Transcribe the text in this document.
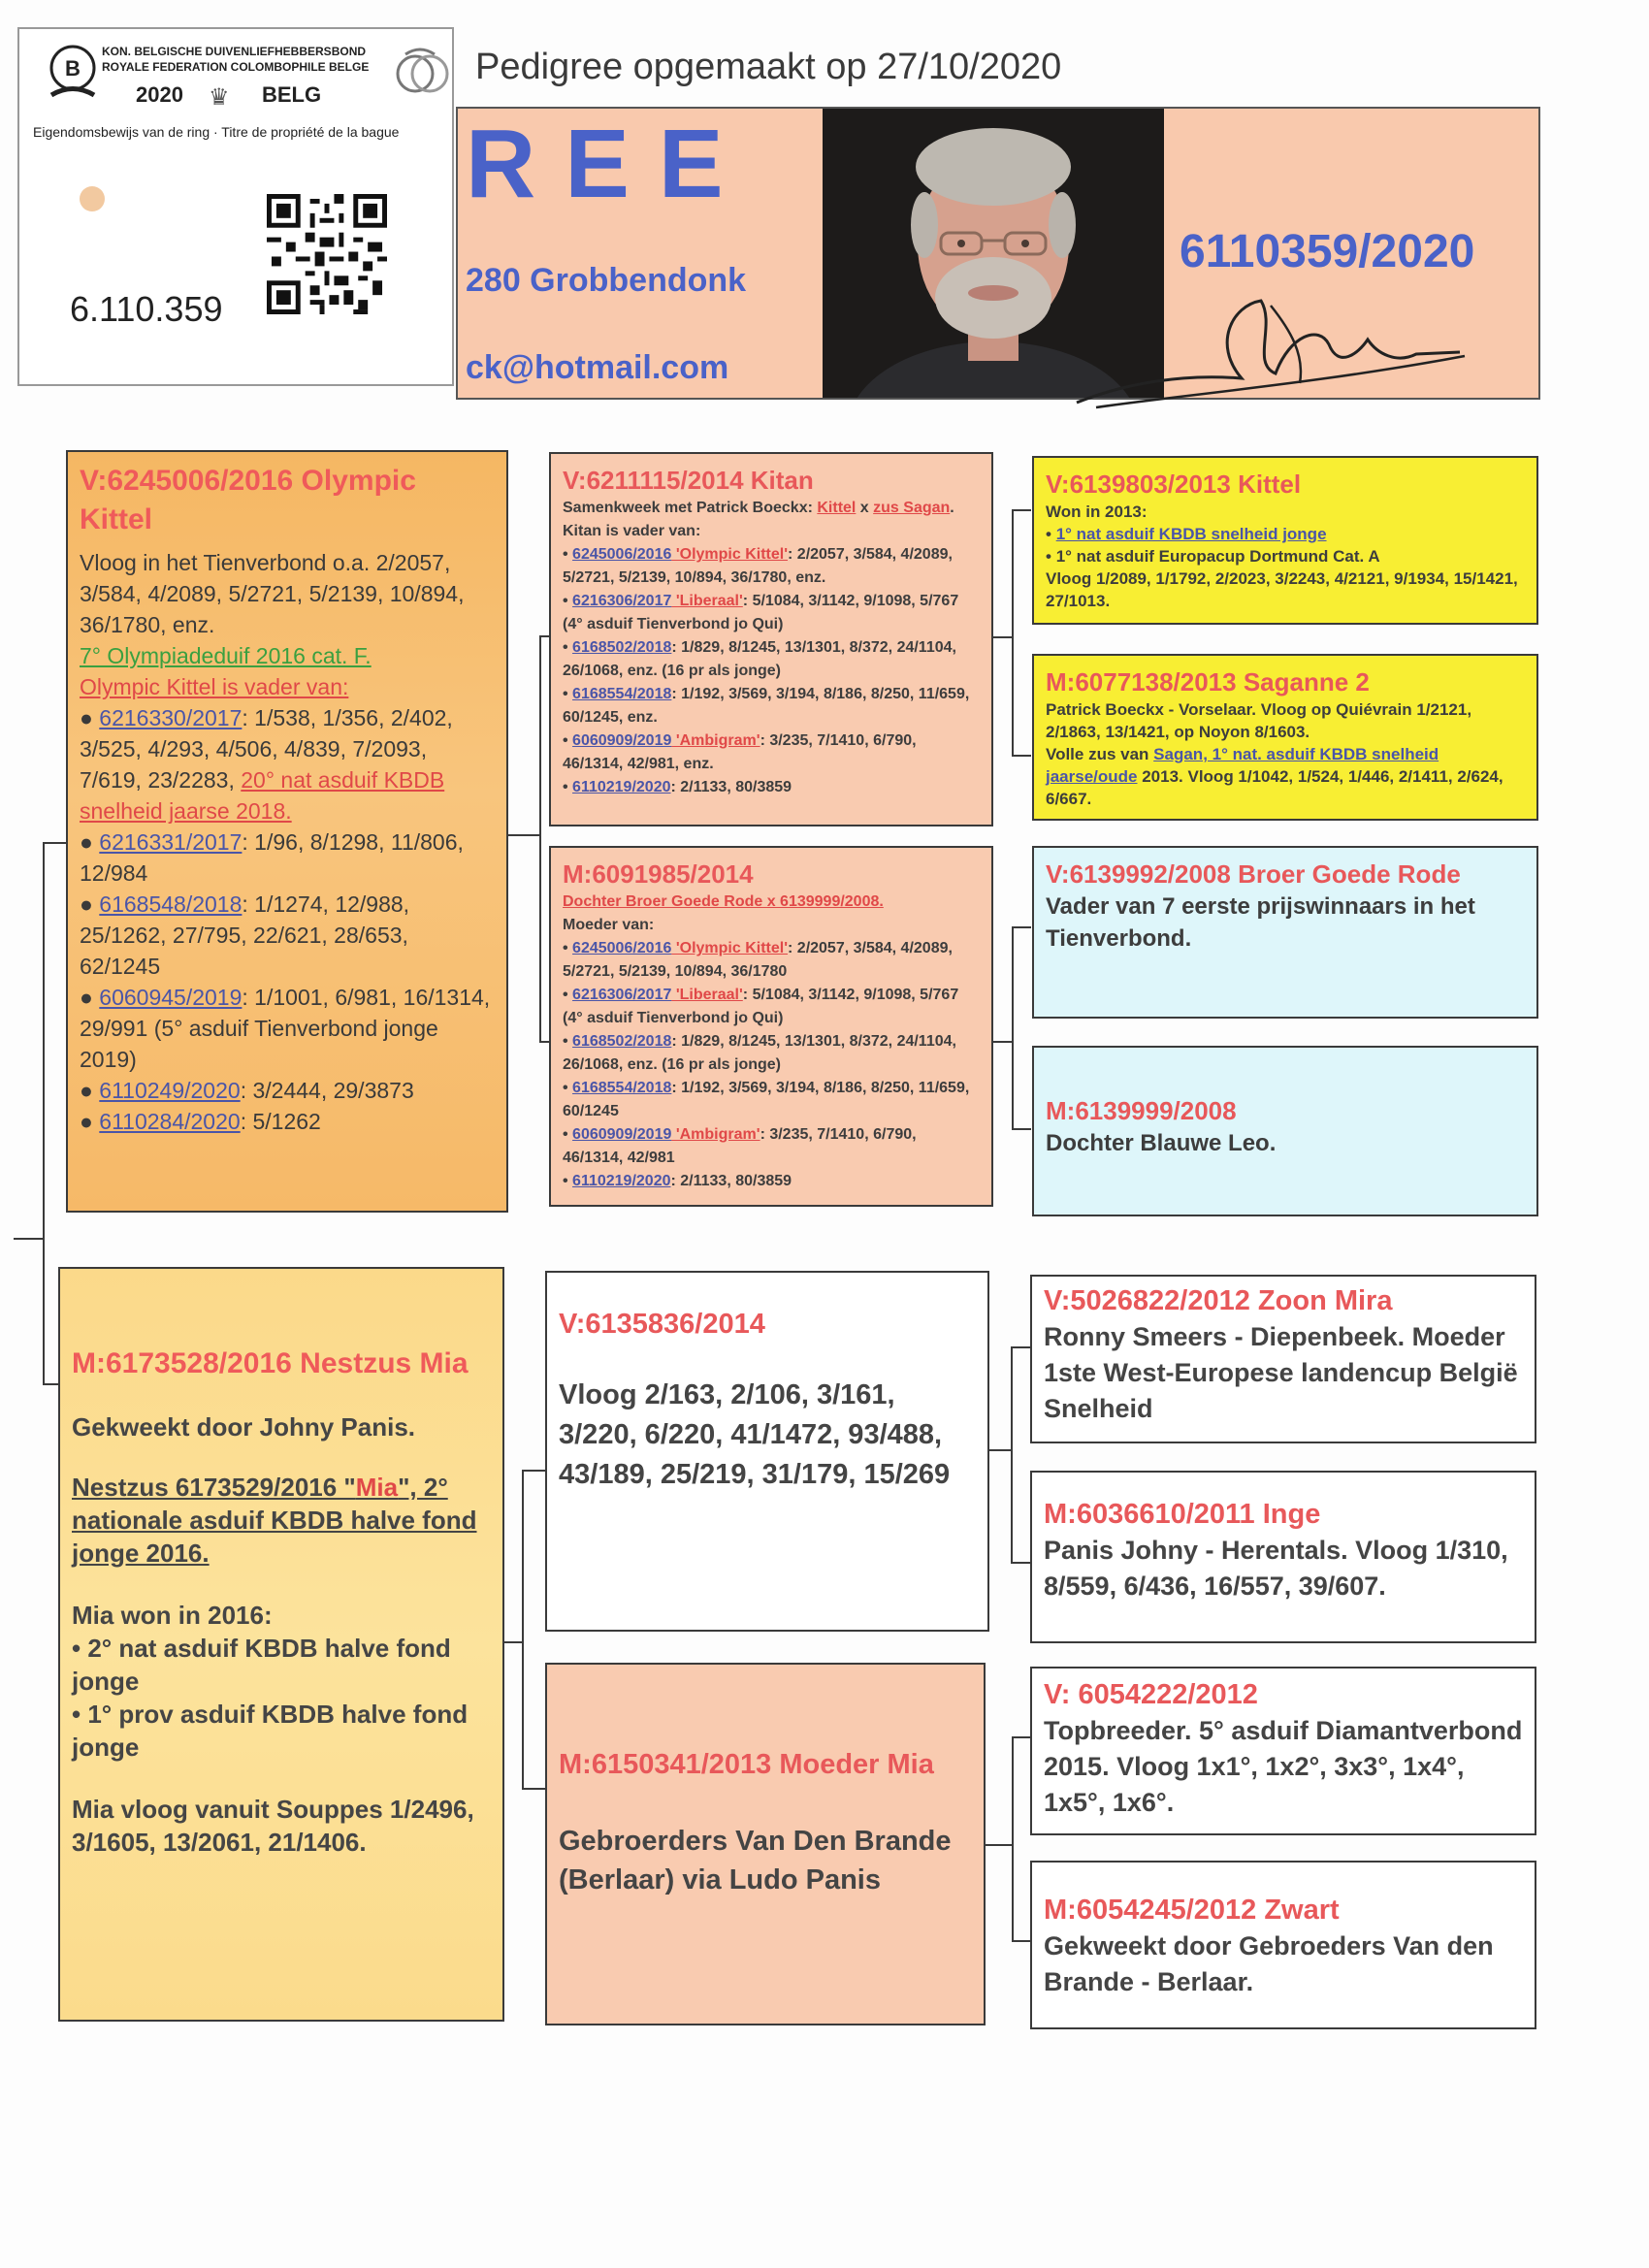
Pedigree opgemaakt op 27/10/2020
REE
280 Grobbendonk
ck@hotmail.com
6110359/2020
B
KON. BELGISCHE DUIVENLIEFHEBBERSBOND
ROYALE FEDERATION COLOMBOPHILE BELGE
2020 ♛ BELG
Eigendomsbewijs van de ring · Titre de propriété de la bague
6.110.359
V:6245006/2016 Olympic Kittel
Vloog in het Tienverbond o.a. 2/2057, 3/584, 4/2089, 5/2721, 5/2139, 10/894, 36/1780, enz.
7° Olympiadeduif 2016 cat. F.
Olympic Kittel is vader van:
● 6216330/2017: 1/538, 1/356, 2/402, 3/525, 4/293, 4/506, 4/839, 7/2093, 7/619, 23/2283, 20° nat asduif KBDB snelheid jaarse 2018.
● 6216331/2017: 1/96, 8/1298, 11/806, 12/984
● 6168548/2018: 1/1274, 12/988, 25/1262, 27/795, 22/621, 28/653, 62/1245
● 6060945/2019: 1/1001, 6/981, 16/1314, 29/991 (5° asduif Tienverbond jonge 2019)
● 6110249/2020: 3/2444, 29/3873
● 6110284/2020: 5/1262
V:6211115/2014 Kitan
Samenkweek met Patrick Boeckx: Kittel x zus Sagan. Kitan is vader van:
• 6245006/2016 'Olympic Kittel': 2/2057, 3/584, 4/2089, 5/2721, 5/2139, 10/894, 36/1780, enz.
• 6216306/2017 'Liberaal': 5/1084, 3/1142, 9/1098, 5/767 (4° asduif Tienverbond jo Qui)
• 6168502/2018: 1/829, 8/1245, 13/1301, 8/372, 24/1104, 26/1068, enz. (16 pr als jonge)
• 6168554/2018: 1/192, 3/569, 3/194, 8/186, 8/250, 11/659, 60/1245, enz.
• 6060909/2019 'Ambigram': 3/235, 7/1410, 6/790, 46/1314, 42/981, enz.
• 6110219/2020: 2/1133, 80/3859
M:6091985/2014
Dochter Broer Goede Rode x 6139999/2008.
Moeder van:
• 6245006/2016 'Olympic Kittel': 2/2057, 3/584, 4/2089, 5/2721, 5/2139, 10/894, 36/1780
• 6216306/2017 'Liberaal': 5/1084, 3/1142, 9/1098, 5/767 (4° asduif Tienverbond jo Qui)
• 6168502/2018: 1/829, 8/1245, 13/1301, 8/372, 24/1104, 26/1068, enz. (16 pr als jonge)
• 6168554/2018: 1/192, 3/569, 3/194, 8/186, 8/250, 11/659, 60/1245
• 6060909/2019 'Ambigram': 3/235, 7/1410, 6/790, 46/1314, 42/981
• 6110219/2020: 2/1133, 80/3859
V:6139803/2013 Kittel
Won in 2013:
• 1° nat asduif KBDB snelheid jonge
• 1° nat asduif Europacup Dortmund Cat. A
Vloog 1/2089, 1/1792, 2/2023, 3/2243, 4/2121, 9/1934, 15/1421, 27/1013.
M:6077138/2013 Saganne 2
Patrick Boeckx - Vorselaar. Vloog op Quiévrain 1/2121, 2/1863, 13/1421, op Noyon 8/1603.
Volle zus van Sagan, 1° nat. asduif KBDB snelheid jaarse/oude 2013. Vloog 1/1042, 1/524, 1/446, 2/1411, 2/624, 6/667.
V:6139992/2008 Broer Goede Rode
Vader van 7 eerste prijswinnaars in het Tienverbond.
M:6139999/2008
Dochter Blauwe Leo.
M:6173528/2016 Nestzus Mia
Gekweekt door Johny Panis.
Nestzus 6173529/2016 "Mia", 2° nationale asduif KBDB halve fond jonge 2016.
Mia won in 2016:
• 2° nat asduif KBDB halve fond jonge
• 1° prov asduif KBDB halve fond jonge
Mia vloog vanuit Souppes 1/2496, 3/1605, 13/2061, 21/1406.
V:6135836/2014
Vloog 2/163, 2/106, 3/161, 3/220, 6/220, 41/1472, 93/488, 43/189, 25/219, 31/179, 15/269
M:6150341/2013 Moeder Mia
Gebroerders Van Den Brande (Berlaar) via Ludo Panis
V:5026822/2012 Zoon Mira
Ronny Smeers - Diepenbeek. Moeder 1ste West-Europese landencup België Snelheid
M:6036610/2011 Inge
Panis Johny - Herentals. Vloog 1/310, 8/559, 6/436, 16/557, 39/607.
V: 6054222/2012
Topbreeder. 5° asduif Diamantverbond 2015. Vloog 1x1°, 1x2°, 3x3°, 1x4°, 1x5°, 1x6°.
M:6054245/2012 Zwart
Gekweekt door Gebroeders Van den Brande - Berlaar.
